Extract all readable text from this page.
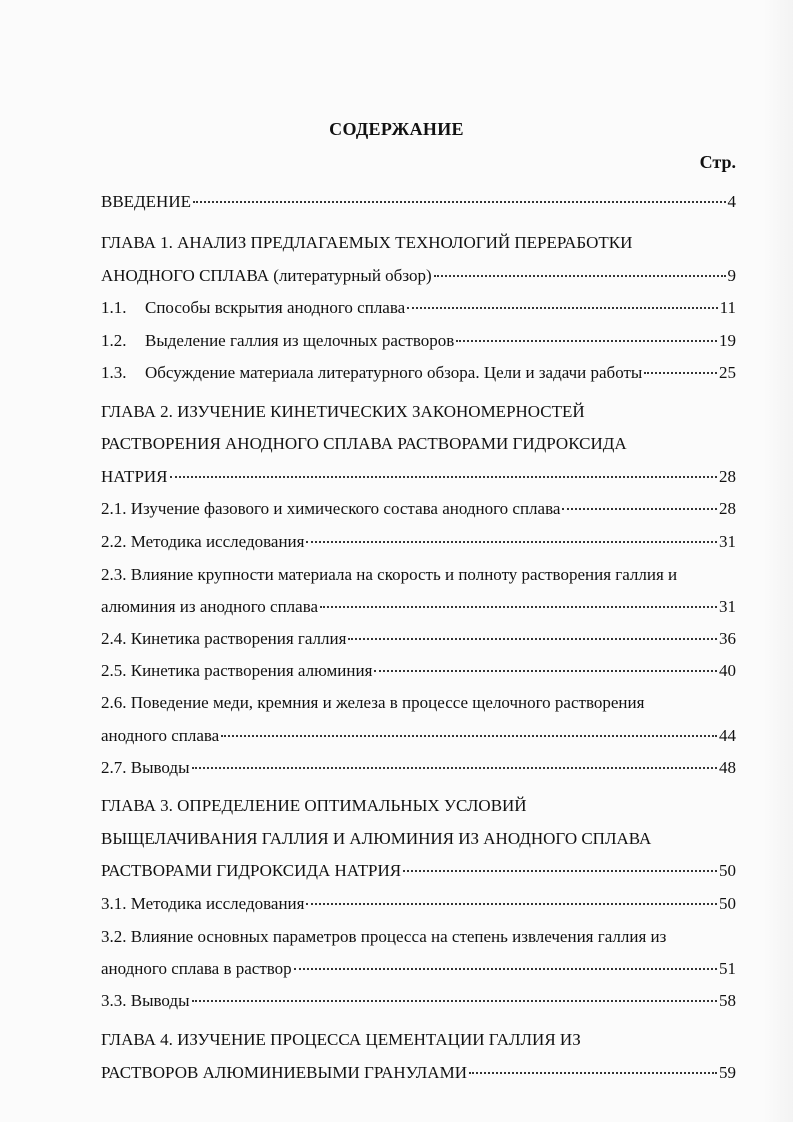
СОДЕРЖАНИЕ
Стр.
ВВЕДЕНИЕ	4
ГЛАВА 1. АНАЛИЗ ПРЕДЛАГАЕМЫХ ТЕХНОЛОГИЙ ПЕРЕРАБОТКИ
АНОДНОГО СПЛАВА (литературный обзор)	9
1.1.	Способы вскрытия анодного сплава	11
1.2.	Выделение галлия из щелочных растворов	19
1.3.	Обсуждение материала литературного обзора. Цели и задачи работы	25
ГЛАВА 2. ИЗУЧЕНИЕ КИНЕТИЧЕСКИХ ЗАКОНОМЕРНОСТЕЙ
РАСТВОРЕНИЯ АНОДНОГО СПЛАВА РАСТВОРАМИ ГИДРОКСИДА
НАТРИЯ	28
2.1. Изучение фазового и химического состава анодного сплава	28
2.2. Методика исследования	31
2.3. Влияние крупности материала на скорость и полноту растворения галлия и
алюминия из анодного сплава	31
2.4. Кинетика растворения галлия	36
2.5. Кинетика растворения алюминия	40
2.6. Поведение меди, кремния и железа в процессе щелочного растворения
анодного сплава	44
2.7. Выводы	48
ГЛАВА 3. ОПРЕДЕЛЕНИЕ ОПТИМАЛЬНЫХ УСЛОВИЙ
ВЫЩЕЛАЧИВАНИЯ ГАЛЛИЯ И АЛЮМИНИЯ ИЗ АНОДНОГО СПЛАВА
РАСТВОРАМИ ГИДРОКСИДА НАТРИЯ	50
3.1. Методика исследования	50
3.2. Влияние основных параметров процесса на степень извлечения галлия из
анодного сплава в раствор	51
3.3. Выводы	58
ГЛАВА 4. ИЗУЧЕНИЕ ПРОЦЕССА ЦЕМЕНТАЦИИ ГАЛЛИЯ ИЗ
РАСТВОРОВ АЛЮМИНИЕВЫМИ ГРАНУЛАМИ	59
